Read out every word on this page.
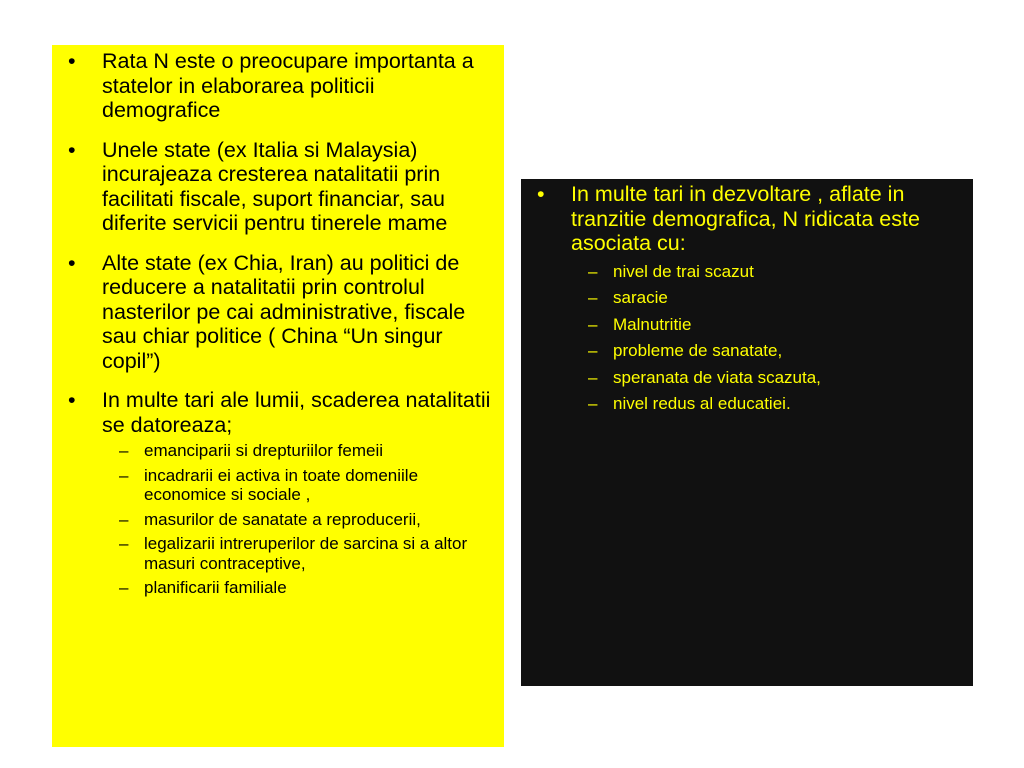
• Rata N este o preocupare importanta a statelor in elaborarea politicii demografice
• Unele state (ex Italia si Malaysia) incurajeaza cresterea natalitatii prin facilitati fiscale, suport financiar, sau diferite servicii pentru tinerele mame
• Alte state (ex Chia, Iran) au politici de reducere a natalitatii prin controlul nasterilor pe cai administrative, fiscale sau chiar politice ( China “Un singur copil”)
• In multe tari ale lumii, scaderea natalitatii se datoreaza;
– emanciparii si drepturiilor femeii
– incadrarii ei activa in toate domeniile economice si sociale ,
– masurilor de sanatate a reproducerii,
– legalizarii intreruperilor de sarcina si a altor masuri contraceptive,
– planificarii familiale
• In multe tari in dezvoltare , aflate in tranzitie demografica, N ridicata este asociata cu:
– nivel de trai scazut
– saracie
– Malnutritie
– probleme de sanatate,
– speranata de viata scazuta,
– nivel redus al educatiei.
